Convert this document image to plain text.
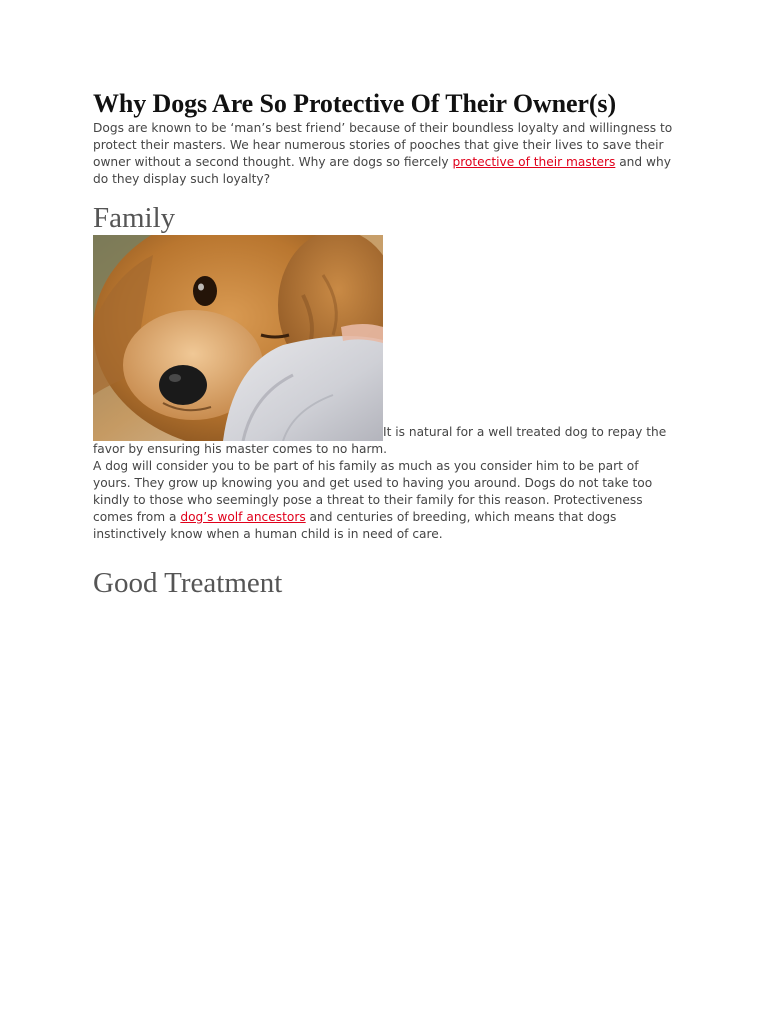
Why Dogs Are So Protective Of Their Owner(s)

Dogs are known to be ‘man’s best friend’ because of their boundless loyalty and willingness to protect their masters. We hear numerous stories of pooches that give their lives to save their owner without a second thought. Why are dogs so fiercely protective of their masters and why do they display such loyalty?

Family

It is natural for a well treated dog to repay the favor by ensuring his master comes to no harm.

A dog will consider you to be part of his family as much as you consider him to be part of yours. They grow up knowing you and get used to having you around. Dogs do not take too kindly to those who seemingly pose a threat to their family for this reason. Protectiveness comes from a dog’s wolf ancestors and centuries of breeding, which means that dogs instinctively know when a human child is in need of care.

Good Treatment
